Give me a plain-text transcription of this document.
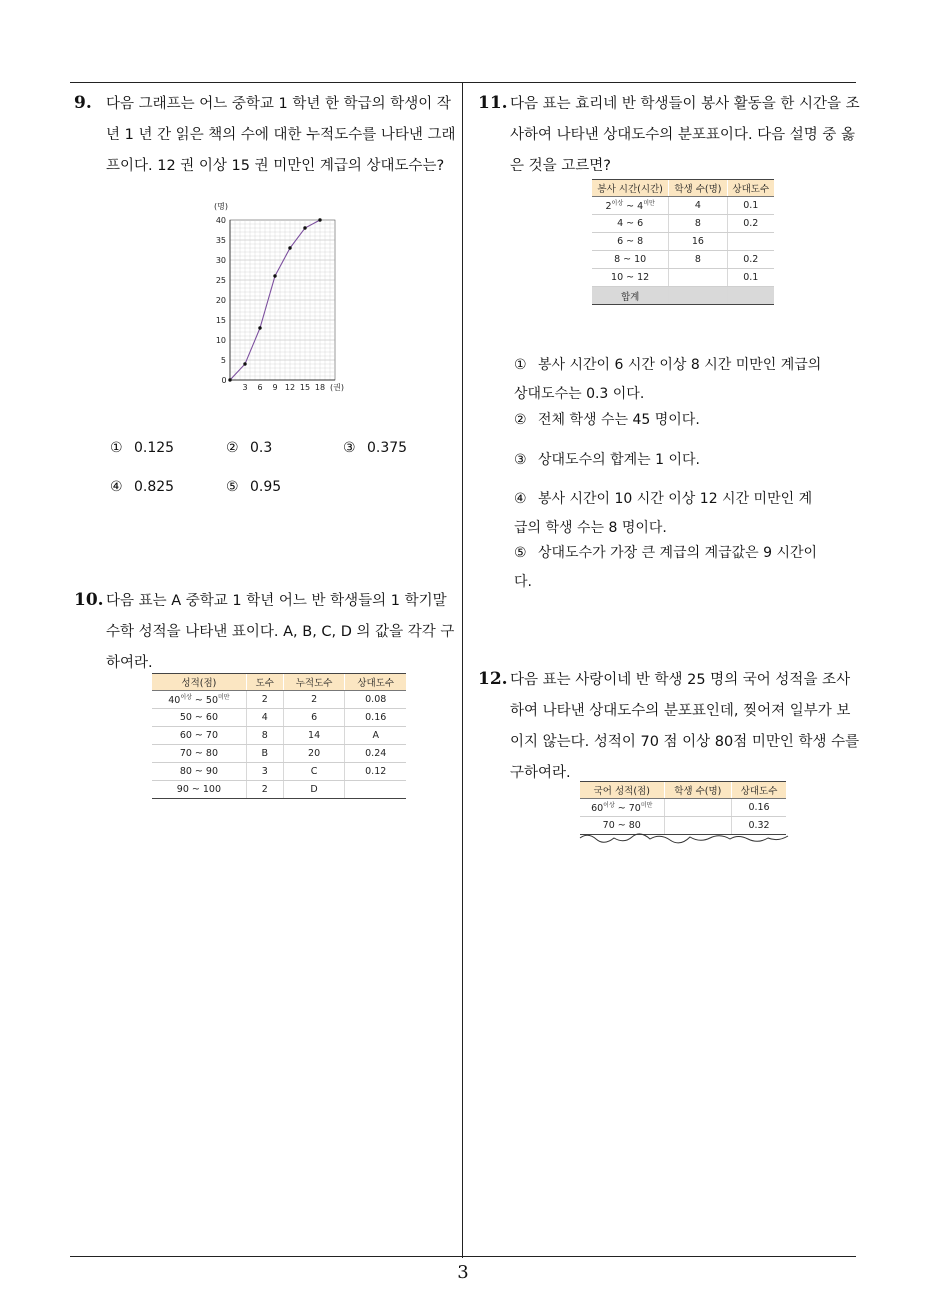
9. 다음 그래프는 어느 중학교 1 학년 한 학급의 학생이 작년 1 년 간 읽은 책의 수에 대한 누적도수를 나타낸 그래프이다. 12 권 이상 15 권 미만인 계급의 상대도수는?

0
3 6 9 12 15 18
5
10
15
20
25
30
35
40
(명)
(권)
① 0.125	② 0.3	③ 0.375
④ 0.825	⑤ 0.95
10. 다음 표는 A 중학교 1 학년 어느 반 학생들의 1 학기말 수학 성적을 나타낸 표이다. A, B, C, D 의 값을 각각 구하여라.

성적(점)	도수	누적도수	상대도수
$40^{이상}$ ~ $50^{미만}$	2	2	0.08
50 ~ 60	4	6	0.16
60 ~ 70	8	14	A
70 ~ 80	B	20	0.24
80 ~ 90	3	C	0.12
90 ~ 100	2	D	
11. 다음 표는 효리네 반 학생들이 봉사 활동을 한 시간을 조사하여 나타낸 상대도수의 분포표이다. 다음 설명 중 옳은 것을 고르면?

봉사 시간(시간)	학생 수(명)	상대도수
$2^{이상}$ ~ $4^{미만}$	4	0.1
4 ~ 6	8	0.2
6 ~ 8	16	
8 ~ 10	8	0.2
10 ~ 12		0.1
합계		
① 봉사 시간이 6 시간 이상 8 시간 미만인 계급의 상대도수는 0.3 이다.
② 전체 학생 수는 45 명이다.
③ 상대도수의 합계는 1 이다.
④ 봉사 시간이 10 시간 이상 12 시간 미만인 계급의 학생 수는 8 명이다.
⑤ 상대도수가 가장 큰 계급의 계급값은 9 시간이다.
12. 다음 표는 사랑이네 반 학생 25 명의 국어 성적을 조사하여 나타낸 상대도수의 분포표인데, 찢어져 일부가 보이지 않는다. 성적이 70 점 이상 80점 미만인 학생 수를 구하여라.

국어 성적(점)	학생 수(명)	상대도수
$60^{이상}$ ~ $70^{미만}$		0.16
70 ~ 80		0.32
3
